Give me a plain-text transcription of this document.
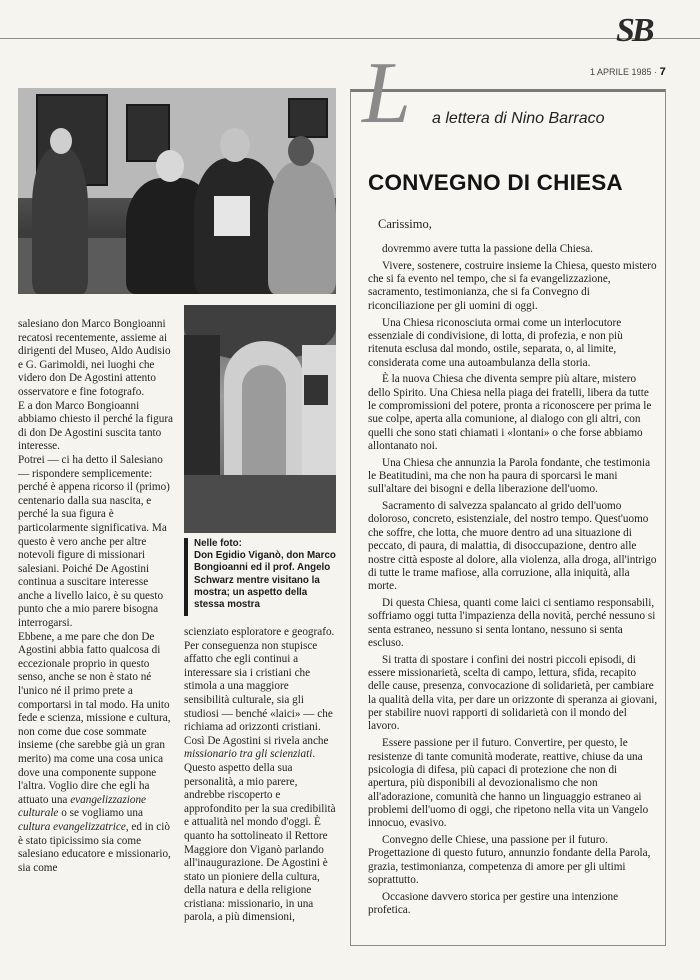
SB
1 APRILE 1985 · 7

salesiano don Marco Bongioanni recatosi recentemente, assieme ai dirigenti del Museo, Aldo Audisio e G. Garimoldi, nei luoghi che videro don De Agostini attento osservatore e fine fotografo.

E a don Marco Bongioanni abbiamo chiesto il perché la figura di don De Agostini suscita tanto interesse.

Potrei — ci ha detto il Salesiano — rispondere semplicemente: perché è appena ricorso il (primo) centenario dalla sua nascita, e perché la sua figura è particolarmente significativa. Ma questo è vero anche per altre notevoli figure di missionari salesiani. Poiché De Agostini continua a suscitare interesse anche a livello laico, è su questo punto che a mio parere bisogna interrogarsi.

Ebbene, a me pare che don De Agostini abbia fatto qualcosa di eccezionale proprio in questo senso, anche se non è stato né l'unico né il primo prete a comportarsi in tal modo. Ha unito fede e scienza, missione e cultura, non come due cose sommate insieme (che sarebbe già un gran merito) ma come una cosa unica dove una componente suppone l'altra. Voglio dire che egli ha attuato una evangelizzazione culturale o se vogliamo una cultura evangelizzatrice, ed in ciò è stato tipicissimo sia come salesiano educatore e missionario, sia come

Nelle foto:
Don Egidio Viganò, don Marco Bongioanni ed il prof. Angelo Schwarz mentre visitano la mostra; un aspetto della stessa mostra

scienziato esploratore e geografo. Per conseguenza non stupisce affatto che egli continui a interessare sia i cristiani che stimola a una maggiore sensibilità culturale, sia gli studiosi — benché «laici» — che richiama ad orizzonti cristiani. Così De Agostini si rivela anche missionario tra gli scienziati. Questo aspetto della sua personalità, a mio parere, andrebbe riscoperto e approfondito per la sua credibilità e attualità nel mondo d'oggi. È quanto ha sottolineato il Rettore Maggiore don Viganò parlando all'inaugurazione. De Agostini è stato un pioniere della cultura, della natura e della religione cristiana: missionario, in una parola, a più dimensioni,

L a lettera di Nino Barraco
CONVEGNO DI CHIESA
Carissimo,

dovremmo avere tutta la passione della Chiesa.

Vivere, sostenere, costruire insieme la Chiesa, questo mistero che si fa evento nel tempo, che si fa evangelizzazione, sacramento, testimonianza, che si fa Convegno di riconciliazione per gli uomini di oggi.

Una Chiesa riconosciuta ormai come un interlocutore essenziale di condivisione, di lotta, di profezia, e non più ritenuta esclusa dal mondo, ostile, separata, o, al limite, considerata come una autoambulanza della storia.

È la nuova Chiesa che diventa sempre più altare, mistero dello Spirito. Una Chiesa nella piaga dei fratelli, libera da tutte le compromissioni del potere, pronta a riconoscere per prima le sue colpe, aperta alla comunione, al dialogo con gli altri, con quelli che sono stati chiamati i «lontani» o che forse abbiamo allontanato noi.

Una Chiesa che annunzia la Parola fondante, che testimonia le Beatitudini, ma che non ha paura di sporcarsi le mani sull'altare dei bisogni e della liberazione dell'uomo.

Sacramento di salvezza spalancato al grido dell'uomo doloroso, concreto, esistenziale, del nostro tempo. Quest'uomo che soffre, che lotta, che muore dentro ad una situazione di peccato, di paura, di malattia, di disoccupazione, dentro alle nostre città esposte al dolore, alla violenza, alla droga, all'intrigo di tutte le trame mafiose, alla corruzione, alla iniquità, alla morte.

Di questa Chiesa, quanti come laici ci sentiamo responsabili, soffriamo oggi tutta l'impazienza della novità, perché nessuno si senta estraneo, nessuno si senta lontano, nessuno si senta escluso.

Si tratta di spostare i confini dei nostri piccoli episodi, di essere missionarietà, scelta di campo, lettura, sfida, recapito delle cause, presenza, convocazione di solidarietà, per cambiare la qualità della vita, per dare un orizzonte di speranza ai giovani, per stabilire nuovi rapporti di solidarietà con il mondo del lavoro.

Essere passione per il futuro. Convertire, per questo, le resistenze di tante comunità moderate, reattive, chiuse da una psicologia di difesa, più capaci di protezione che non di apertura, più disponibili al devozionalismo che non all'adorazione, comunità che hanno un linguaggio estraneo ai problemi dell'uomo di oggi, che ripetono nella vita un Vangelo innocuo, evasivo.

Convegno delle Chiese, una passione per il futuro. Progettazione di questo futuro, annunzio fondante della Parola, grazia, testimonianza, competenza di amore per gli ultimi soprattutto.

Occasione davvero storica per gestire una intenzione profetica.
